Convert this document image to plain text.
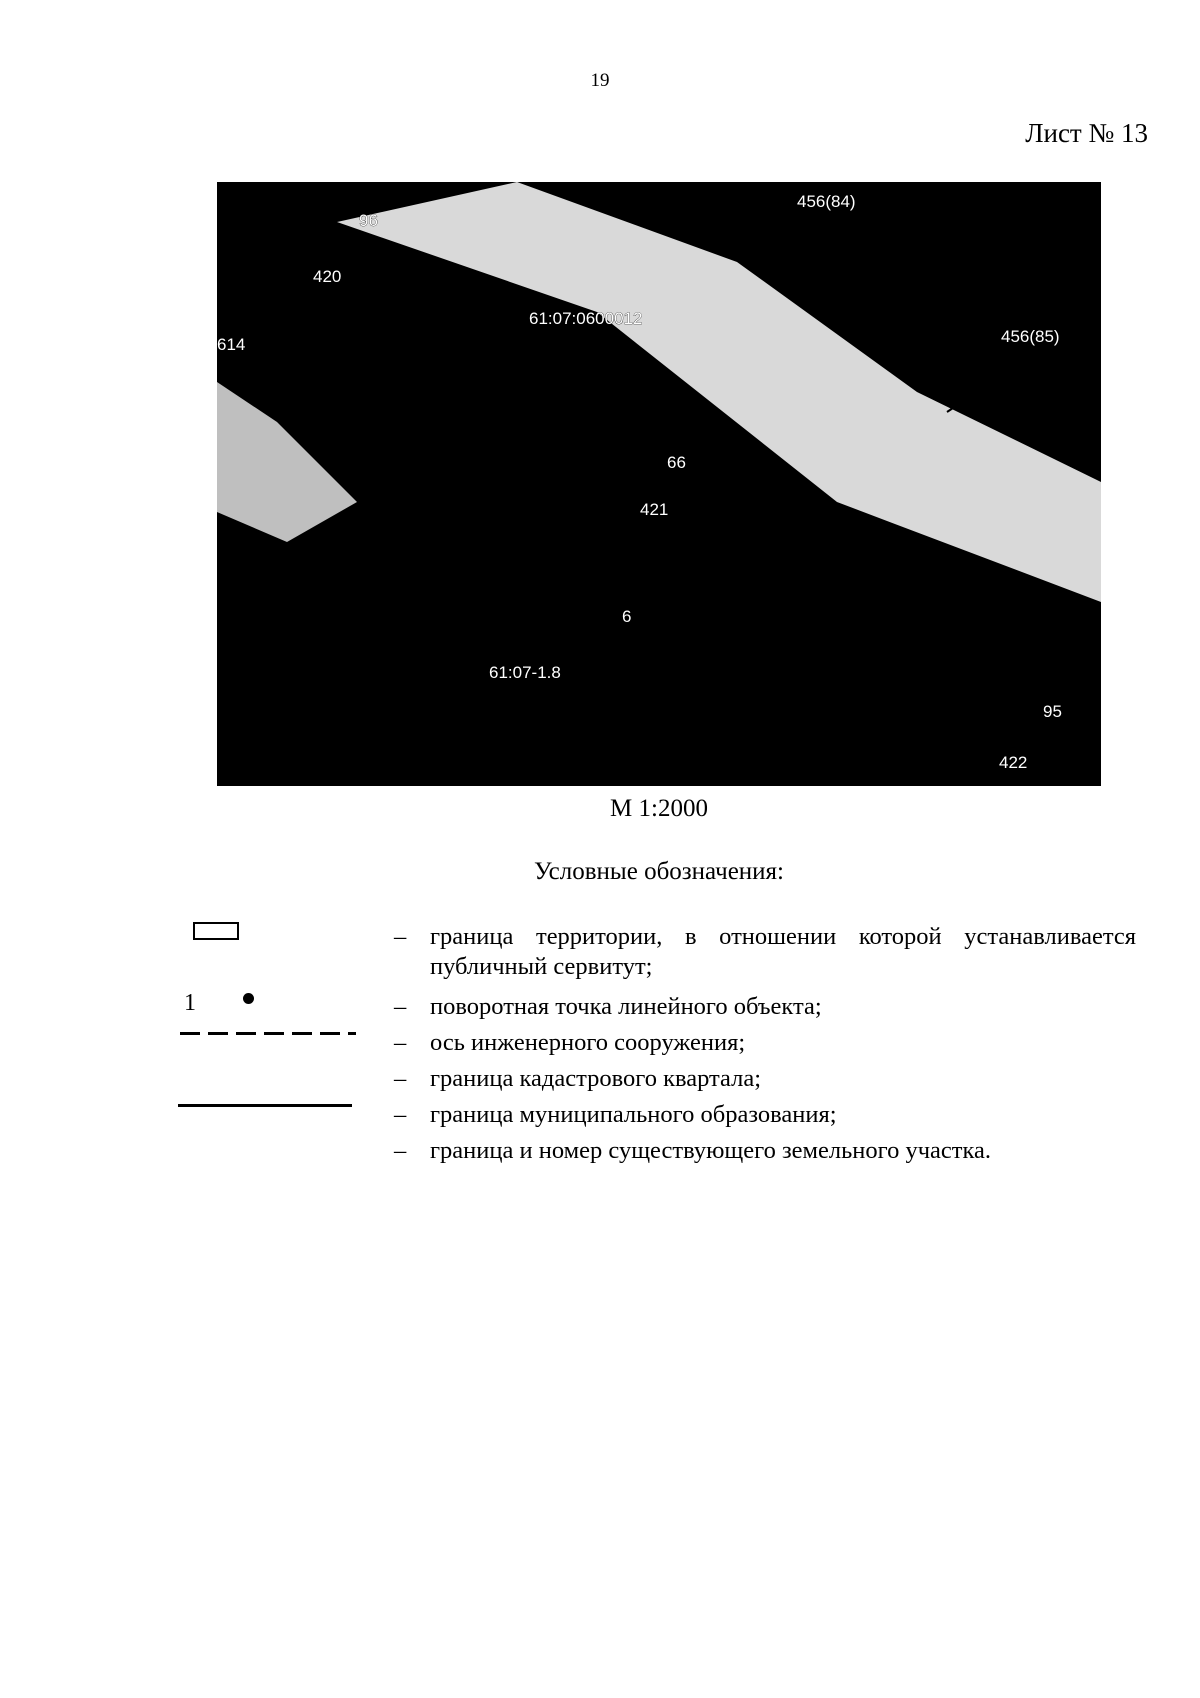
19
Лист № 13
61:07:0600012
456(84)
456(85)
614
421
422
61:07-1.8
96
95
66
420
6
М 1:2000
Условные обозначения:
1
– граница территории, в отношении которой устанавливается публичный сервитут;
– поворотная точка линейного объекта;
– ось инженерного сооружения;
– граница кадастрового квартала;
– граница муниципального образования;
– граница и номер существующего земельного участка.
